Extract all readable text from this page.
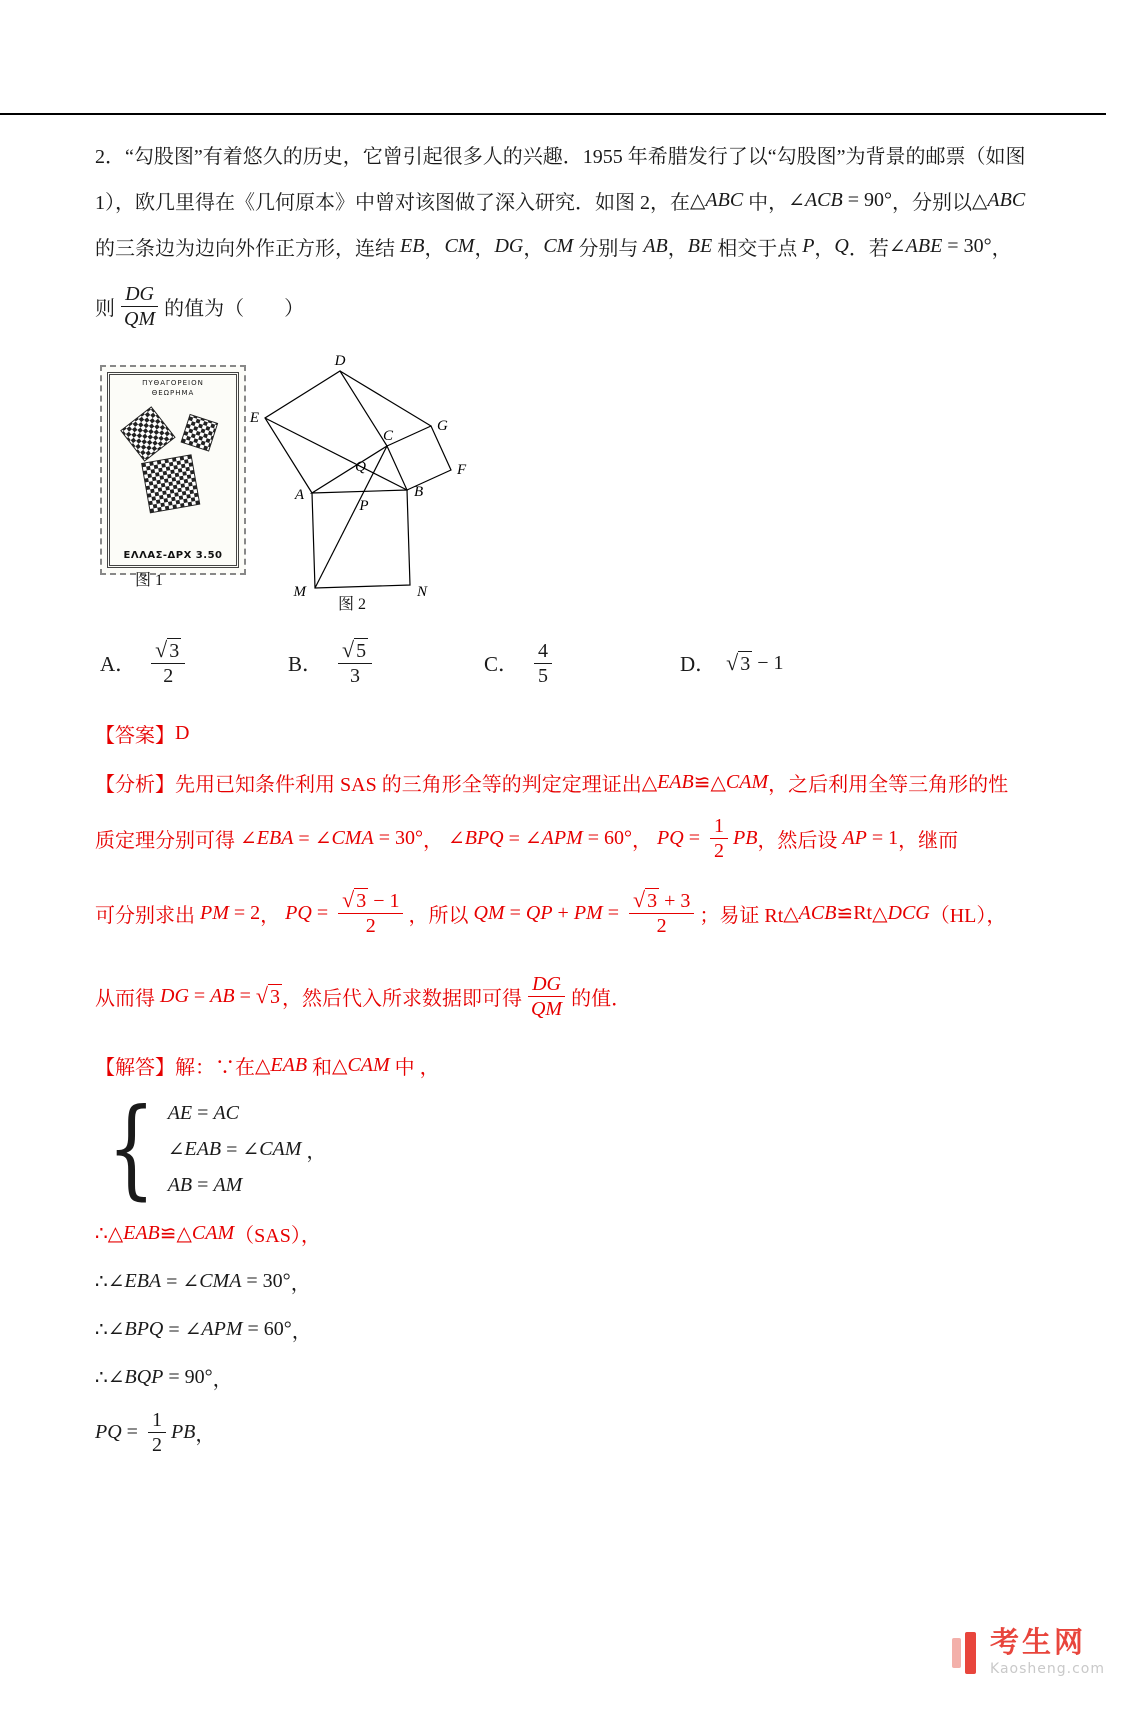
2．“勾股图”有着悠久的历史，它曾引起很多人的兴趣．1955 年希腊发行了以“勾股图”为背景的邮票（如图
1），欧几里得在《几何原本》中曾对该图做了深入研究．如图 2，在 △ ABC 中， ∠ ACB = 90° ，分别以 △ ABC
的三条边为边向外作正方形，连结 EB ， CM ， DG ， CM 分别与 AB ， BE 相交于点 P ， Q ．若 ∠ ABE = 30° ，
则 $\frac{DG}{QM}$ 的值为（　　）
ΠΥΘΑΓΟΡΕΙΟΝ
ΘΕΩΡΗΜΑ
ΕΛΛΑΣ-ΔΡΧ 3.50
图 1
D
E
C
G
F
Q
A
P
B
M	N
图 2
A． $\frac{√ 3}{2}$	B． $\frac{√ 5}{3}$	C． $\frac{4}{5}$	D． √ 3 − 1
【答案】 D
【分析】先用已知条件利用 SAS 的三角形全等的判定定理证出 △ EAB ≌△ CAM ，之后利用全等三角形的性
质定理分别可得 ∠ EBA = ∠ CMA = 30° ， ∠ BPQ = ∠ APM = 60° ， PQ = $\frac{1}{2}$ PB ，然后设 AP = 1 ，继而
可分别求出 PM = 2 ， PQ = $\frac{√ 3 - 1}{2}$ ，所以 QM = QP + PM = $\frac{√ 3 + 3}{2}$ ；易证 Rt △ ACB ≌ Rt △ DCG （HL），
从而得 DG = AB = √ 3 ，然后代入所求数据即可得 $\frac{DG}{QM}$ 的值．
【解答】解：∵在 △ EAB 和 △ CAM 中 ，
{ AE = AC
∠ EAB = ∠ CAM ，
AB = AM
∴△ EAB ≌△ CAM （SAS），
∴∠ EBA = ∠ CMA = 30° ，
∴∠ BPQ = ∠ APM = 60° ，
∴∠ BQP = 90° ，
PQ = $\frac{1}{2}$ PB ，
考生网
Kaosheng.com
